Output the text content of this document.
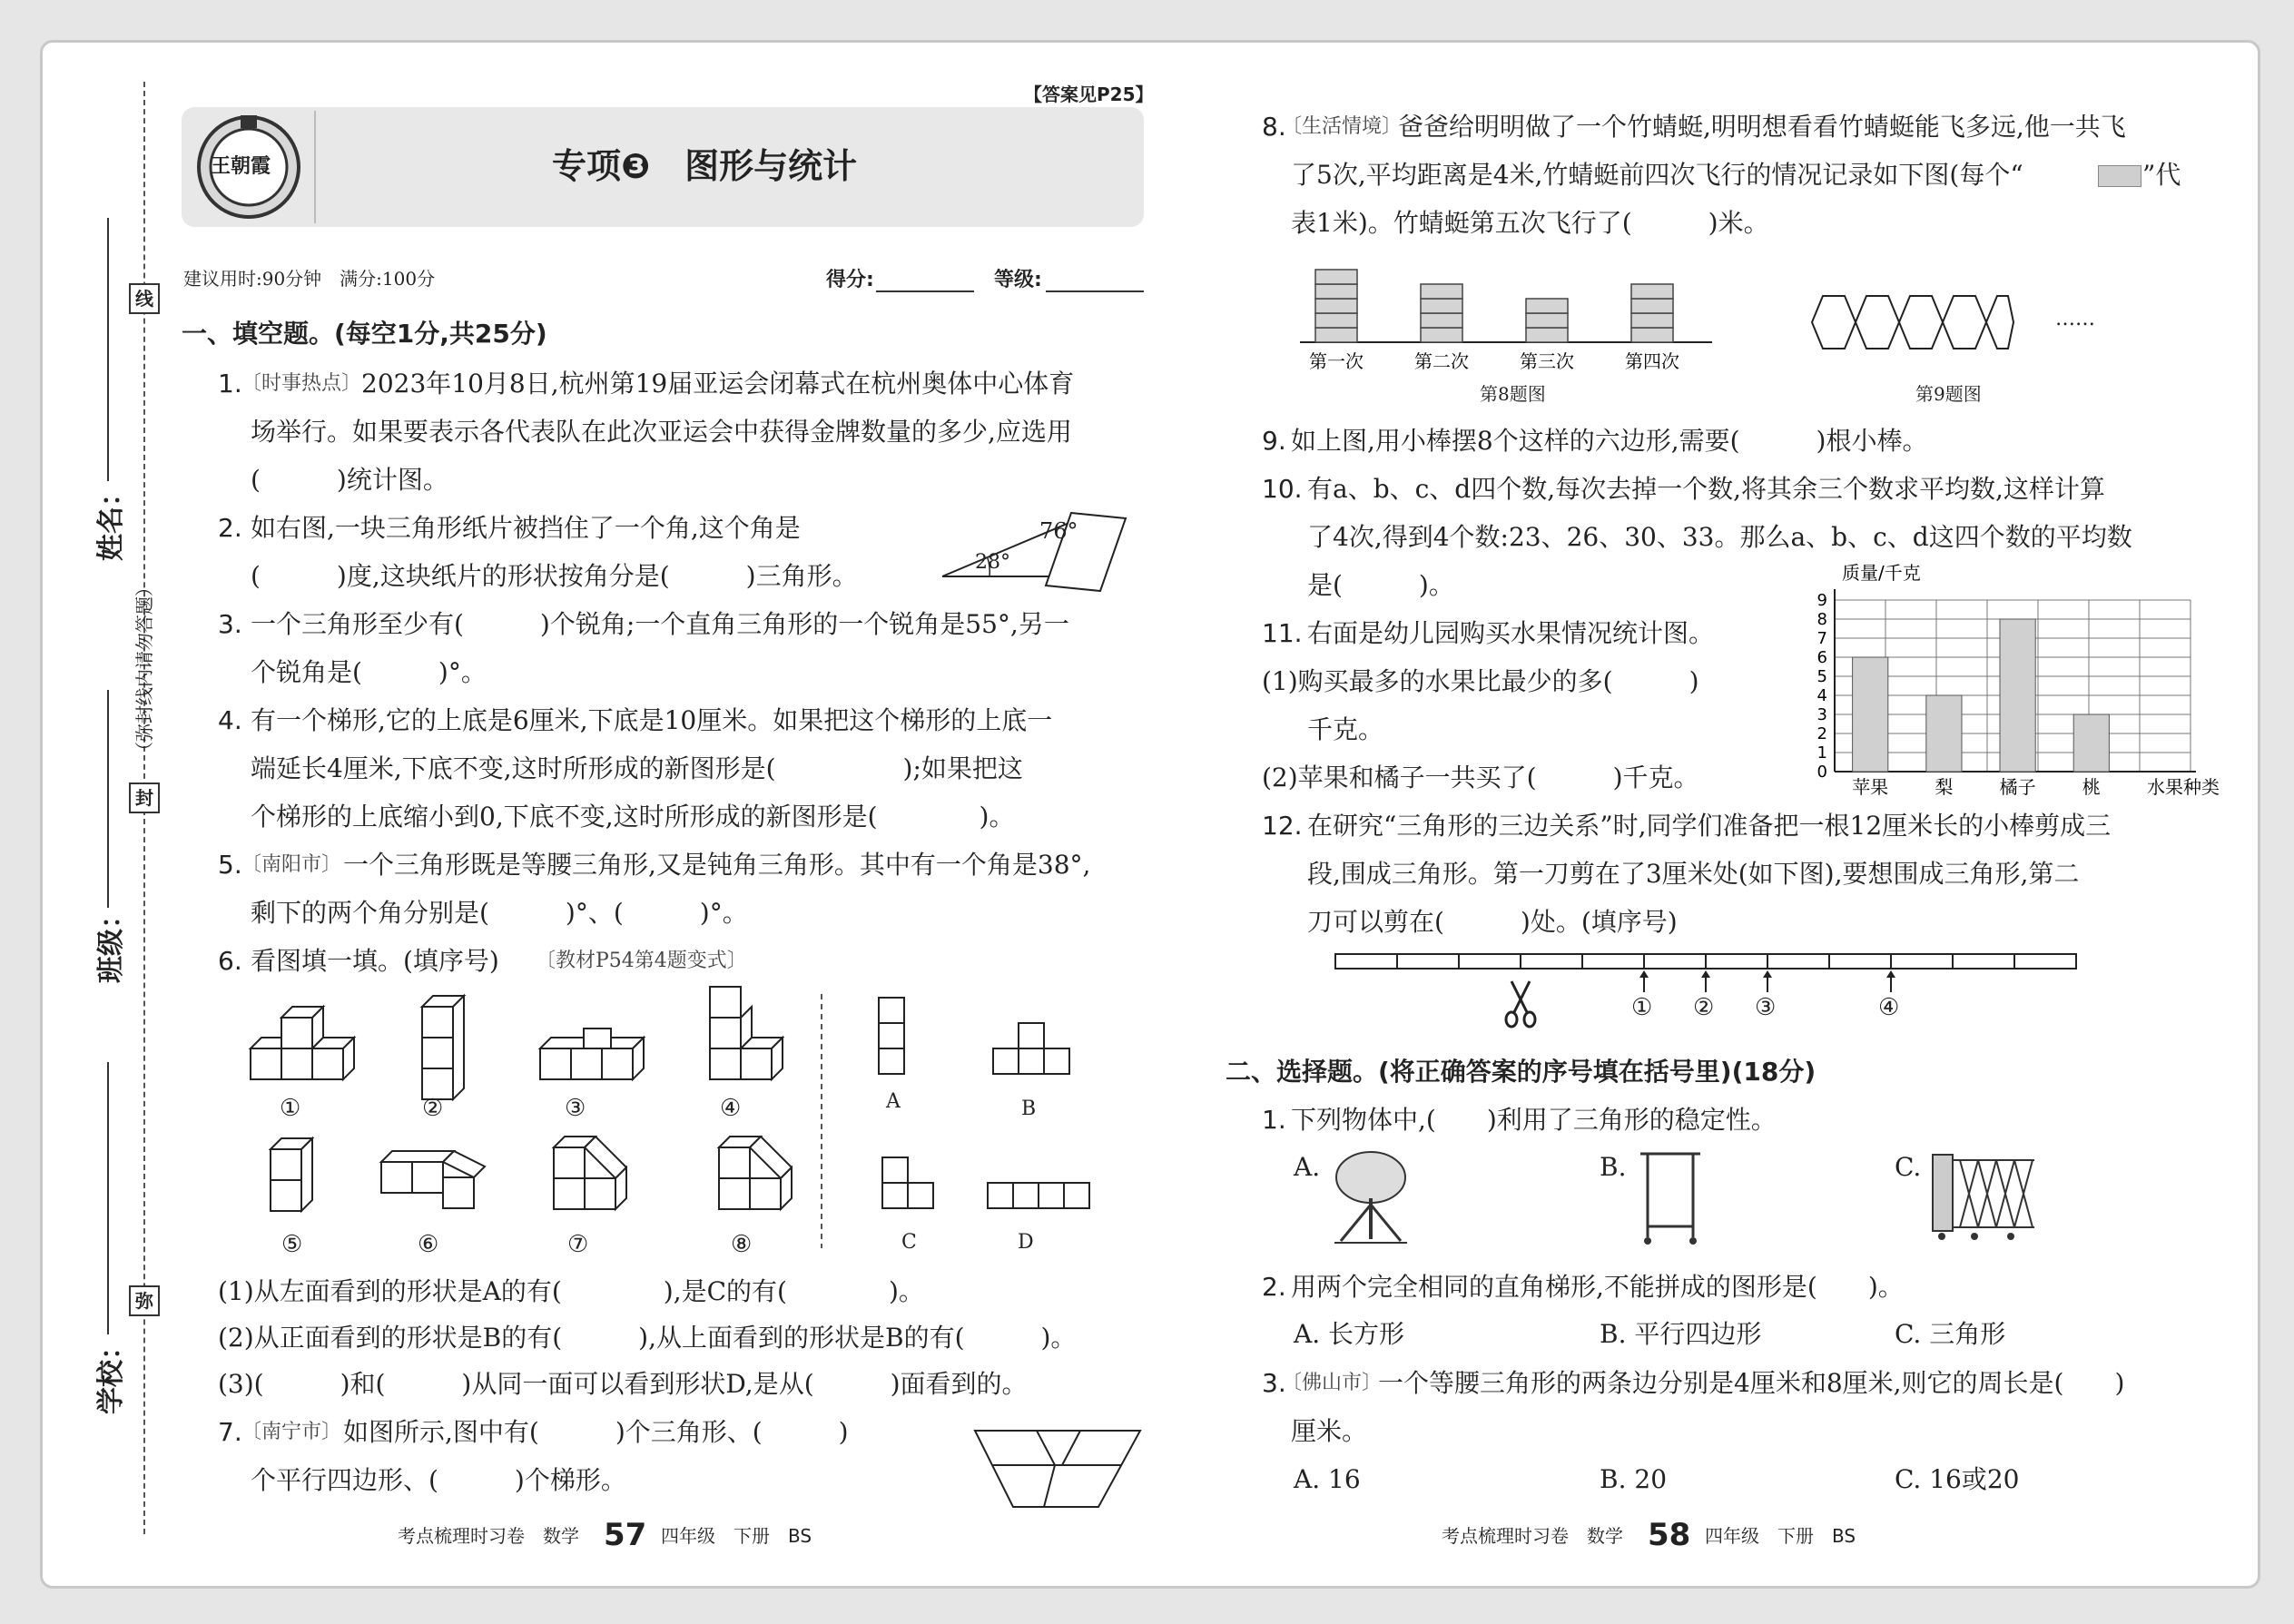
线
封
弥
（弥封线内请勿答题）
姓名：
班级：
学校：
王朝霞
【答案见P25】
专项❸　图形与统计
建议用时:90分钟　满分:100分	得分:	等级:
一、填空题。(每空1分,共25分)
1. 〔时事热点〕 2023年10月8日,杭州第19届亚运会闭幕式在杭州奥体中心体育
场举行。如果要表示各代表队在此次亚运会中获得金牌数量的多少,应选用
(　　　)统计图。
2. 如右图,一块三角形纸片被挡住了一个角,这个角是
(　　　)度,这块纸片的形状按角分是(　　　)三角形。
76°
28°
3. 一个三角形至少有(　　　)个锐角;一个直角三角形的一个锐角是55°,另一
个锐角是(　　　)°。
4. 有一个梯形,它的上底是6厘米,下底是10厘米。如果把这个梯形的上底一
端延长4厘米,下底不变,这时所形成的新图形是(　　　　　);如果把这
个梯形的上底缩小到0,下底不变,这时所形成的新图形是(　　　　)。
5. 〔南阳市〕 一个三角形既是等腰三角形,又是钝角三角形。其中有一个角是38°,
剩下的两个角分别是(　　　)°、(　　　)°。
6. 看图填一填。(填序号) 〔教材P54第4题变式〕
①	②	③	④
⑤	⑥	⑦	⑧
A	B
C	D
(1)从左面看到的形状是A的有(　　　　),是C的有(　　　　)。
(2)从正面看到的形状是B的有(　　　),从上面看到的形状是B的有(　　　)。
(3)(　　　)和(　　　)从同一面可以看到形状D,是从(　　　)面看到的。
7. 〔南宁市〕 如图所示,图中有(　　　)个三角形、(　　　)
个平行四边形、(　　　)个梯形。
考点梳理时习卷　数学 57 四年级　下册　BS
8.
〔生活情境〕
爸爸给明明做了一个竹蜻蜓,明明想看看竹蜻蜓能飞多远,他一共飞
了5次,平均距离是4米,竹蜻蜓前四次飞行的情况记录如下图(每个“	”代
表1米)。竹蜻蜓第五次飞行了(　　　)米。
第一次	第二次	第三次	第四次
第8题图
……
第9题图
9. 如上图,用小棒摆8个这样的六边形,需要(　　　)根小棒。
10. 有a、b、c、d四个数,每次去掉一个数,将其余三个数求平均数,这样计算
了4次,得到4个数:23、26、30、33。那么a、b、c、d这四个数的平均数
是(　　　)。
11. 右面是幼儿园购买水果情况统计图。
(1)购买最多的水果比最少的多(　　　)
千克。
(2)苹果和橘子一共买了(　　　)千克。
质量/千克
0
1
2
3
4
5
6
7
8
9
苹果	梨	橘子	桃	水果种类
12. 在研究“三角形的三边关系”时,同学们准备把一根12厘米长的小棒剪成三
段,围成三角形。第一刀剪在了3厘米处(如下图),要想围成三角形,第二
刀可以剪在(　　　)处。(填序号)
① ② ③	④
二、选择题。(将正确答案的序号填在括号里)(18分)
1. 下列物体中,(　　)利用了三角形的稳定性。
A.	B.	C.
2. 用两个完全相同的直角梯形,不能拼成的图形是(　　)。
A. 长方形	B. 平行四边形	C. 三角形
3.
〔佛山市〕
一个等腰三角形的两条边分别是4厘米和8厘米,则它的周长是(　　)
厘米。
A. 16	B. 20	C. 16或20
考点梳理时习卷　数学 58 四年级　下册　BS
